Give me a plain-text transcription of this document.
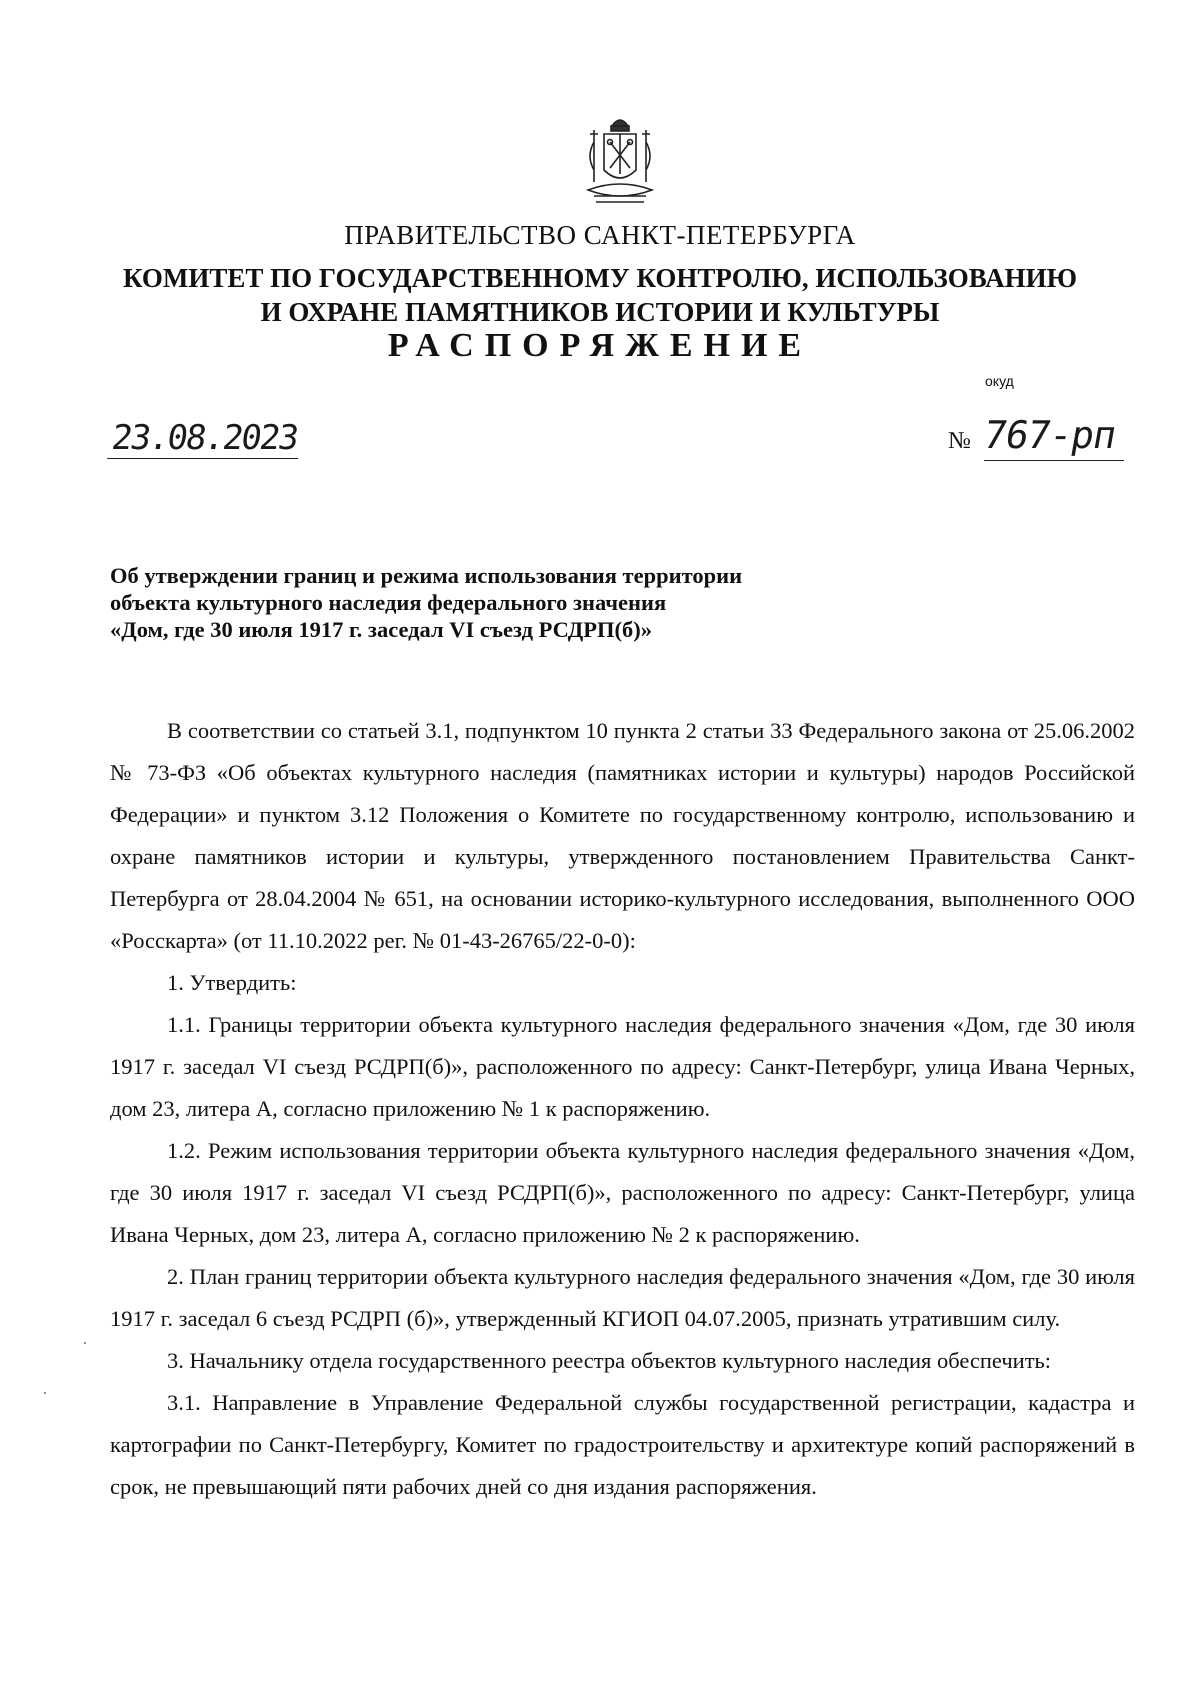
ПРАВИТЕЛЬСТВО САНКТ-ПЕТЕРБУРГА

КОМИТЕТ ПО ГОСУДАРСТВЕННОМУ КОНТРОЛЮ, ИСПОЛЬЗОВАНИЮ
И ОХРАНЕ ПАМЯТНИКОВ ИСТОРИИ И КУЛЬТУРЫ

РАСПОРЯЖЕНИЕ

окуд
23.08.2023	№ 767-рп
Об утверждении границ и режима использования территории
объекта культурного наследия федерального значения
«Дом, где 30 июля 1917 г. заседал VI съезд РСДРП(б)»

В соответствии со статьей 3.1, подпунктом 10 пункта 2 статьи 33 Федерального закона от 25.06.2002 № 73-ФЗ «Об объектах культурного наследия (памятниках истории и культуры) народов Российской Федерации» и пунктом 3.12 Положения о Комитете по государственному контролю, использованию и охране памятников истории и культуры, утвержденного постановлением Правительства Санкт-Петербурга от 28.04.2004 № 651, на основании историко-культурного исследования, выполненного ООО «Росскарта» (от 11.10.2022 рег. № 01-43-26765/22-0-0):

1. Утвердить:

1.1. Границы территории объекта культурного наследия федерального значения «Дом, где 30 июля 1917 г. заседал VI съезд РСДРП(б)», расположенного по адресу: Санкт-Петербург, улица Ивана Черных, дом 23, литера А, согласно приложению № 1 к распоряжению.

1.2. Режим использования территории объекта культурного наследия федерального значения «Дом, где 30 июля 1917 г. заседал VI съезд РСДРП(б)», расположенного по адресу: Санкт-Петербург, улица Ивана Черных, дом 23, литера А, согласно приложению № 2 к распоряжению.

2. План границ территории объекта культурного наследия федерального значения «Дом, где 30 июля 1917 г. заседал 6 съезд РСДРП (б)», утвержденный КГИОП 04.07.2005, признать утратившим силу.

3. Начальнику отдела государственного реестра объектов культурного наследия обеспечить:

3.1. Направление в Управление Федеральной службы государственной регистрации, кадастра и картографии по Санкт-Петербургу, Комитет по градостроительству и архитектуре копий распоряжений в срок, не превышающий пяти рабочих дней со дня издания распоряжения.
